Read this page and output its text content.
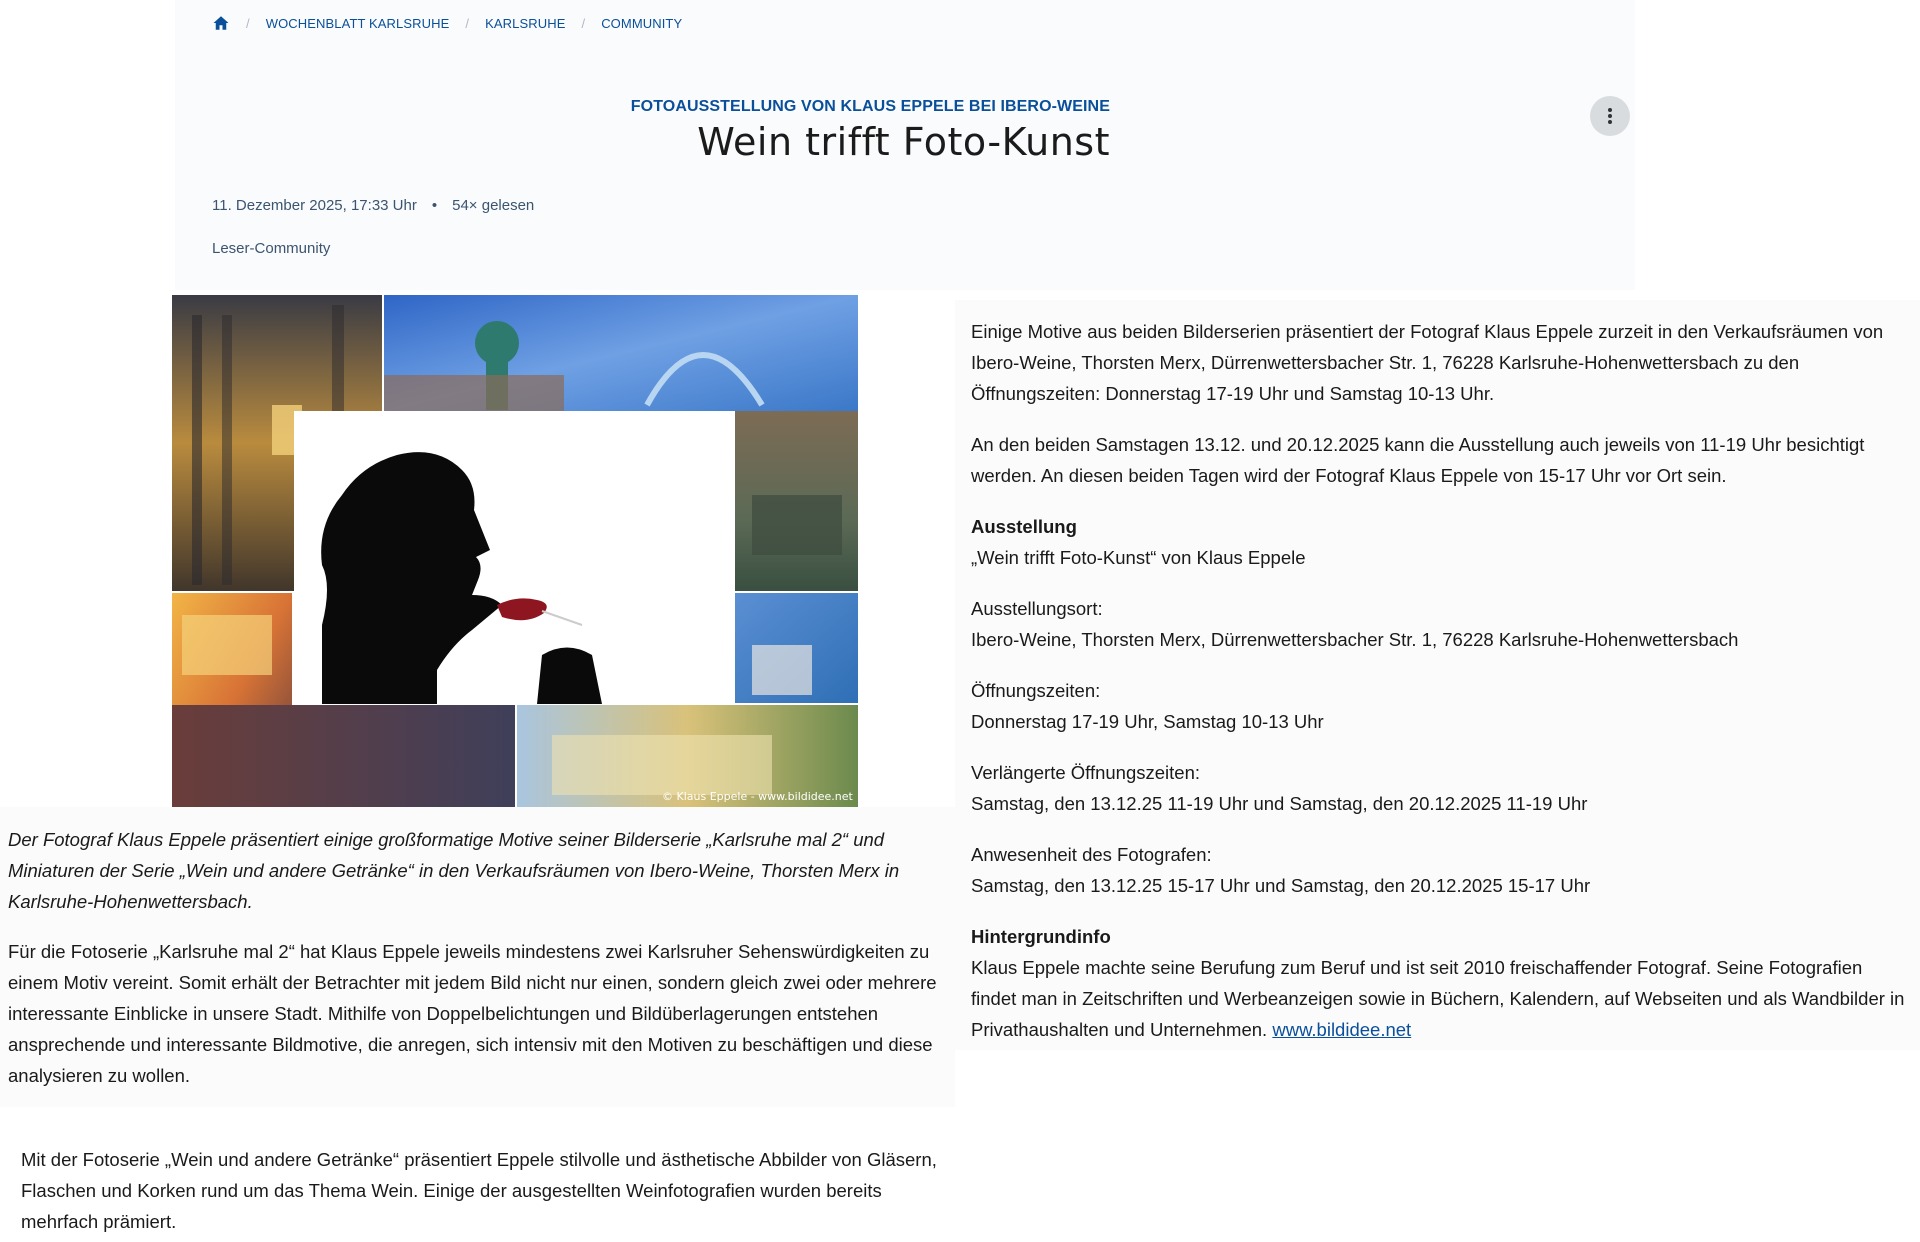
/ WOCHENBLATT KARLSRUHE / KARLSRUHE / COMMUNITY
FOTOAUSSTELLUNG VON KLAUS EPPELE BEI IBERO-WEINE
Wein trifft Foto-Kunst
11. Dezember 2025, 17:33 Uhr • 54× gelesen
Leser-Community
© Klaus Eppele - www.bildidee.net

Der Fotograf Klaus Eppele präsentiert einige großformatige Motive seiner Bilderserie „Karlsruhe mal 2“ und Miniaturen der Serie „Wein und andere Getränke“ in den Verkaufsräumen von Ibero-Weine, Thorsten Merx in Karlsruhe-Hohenwettersbach.

Für die Fotoserie „Karlsruhe mal 2“ hat Klaus Eppele jeweils mindestens zwei Karlsruher Sehenswürdigkeiten zu einem Motiv vereint. Somit erhält der Betrachter mit jedem Bild nicht nur einen, sondern gleich zwei oder mehrere interessante Einblicke in unsere Stadt. Mithilfe von Doppelbelichtungen und Bildüberlagerungen entstehen ansprechende und interessante Bildmotive, die anregen, sich intensiv mit den Motiven zu beschäftigen und diese analysieren zu wollen.

Mit der Fotoserie „Wein und andere Getränke“ präsentiert Eppele stilvolle und ästhetische Abbilder von Gläsern, Flaschen und Korken rund um das Thema Wein. Einige der ausgestellten Weinfotografien wurden bereits mehrfach prämiert.

Einige Motive aus beiden Bilderserien präsentiert der Fotograf Klaus Eppele zurzeit in den Verkaufsräumen von Ibero-Weine, Thorsten Merx, Dürrenwettersbacher Str. 1, 76228 Karlsruhe-Hohenwettersbach zu den Öffnungszeiten: Donnerstag 17-19 Uhr und Samstag 10-13 Uhr.

An den beiden Samstagen 13.12. und 20.12.2025 kann die Ausstellung auch jeweils von 11-19 Uhr besichtigt werden. An diesen beiden Tagen wird der Fotograf Klaus Eppele von 15-17 Uhr vor Ort sein.

Ausstellung
„Wein trifft Foto-Kunst“ von Klaus Eppele
Ausstellungsort:
Ibero-Weine, Thorsten Merx, Dürrenwettersbacher Str. 1, 76228 Karlsruhe-Hohenwettersbach
Öffnungszeiten:
Donnerstag 17-19 Uhr, Samstag 10-13 Uhr
Verlängerte Öffnungszeiten:
Samstag, den 13.12.25 11-19 Uhr und Samstag, den 20.12.2025 11-19 Uhr
Anwesenheit des Fotografen:
Samstag, den 13.12.25 15-17 Uhr und Samstag, den 20.12.2025 15-17 Uhr
Hintergrundinfo
Klaus Eppele machte seine Berufung zum Beruf und ist seit 2010 freischaffender Fotograf. Seine Fotografien findet man in Zeitschriften und Werbeanzeigen sowie in Büchern, Kalendern, auf Webseiten und als Wandbilder in Privathaushalten und Unternehmen. www.bildidee.net
